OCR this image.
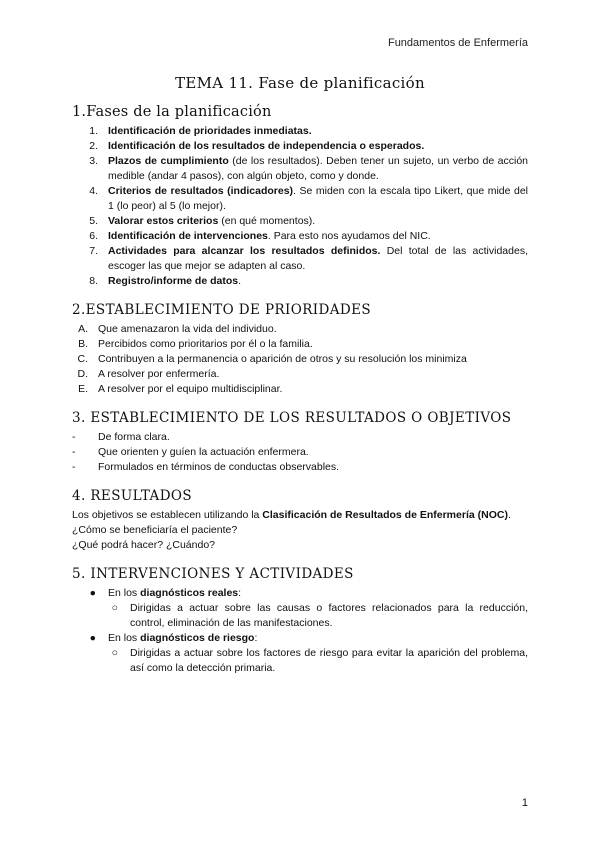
Fundamentos de Enfermería
TEMA 11. Fase de planificación
1.Fases de la planificación
1. Identificación de prioridades inmediatas.
2. Identificación de los resultados de independencia o esperados.
3. Plazos de cumplimiento (de los resultados). Deben tener un sujeto, un verbo de acción medible (andar 4 pasos), con algún objeto, como y donde.
4. Criterios de resultados (indicadores). Se miden con la escala tipo Likert, que mide del 1 (lo peor) al 5 (lo mejor).
5. Valorar estos criterios (en qué momentos).
6. Identificación de intervenciones. Para esto nos ayudamos del NIC.
7. Actividades para alcanzar los resultados definidos. Del total de las actividades, escoger las que mejor se adapten al caso.
8. Registro/informe de datos.
2.ESTABLECIMIENTO DE PRIORIDADES
A. Que amenazaron la vida del individuo.
B. Percibidos como prioritarios por él o la familia.
C. Contribuyen a la permanencia o aparición de otros y su resolución los minimiza
D. A resolver por enfermería.
E. A resolver por el equipo multidisciplinar.
3. ESTABLECIMIENTO DE LOS RESULTADOS O OBJETIVOS
-	De forma clara.
-	Que orienten y guíen la actuación enfermera.
-	Formulados en términos de conductas observables.
4. RESULTADOS

Los objetivos se establecen utilizando la Clasificación de Resultados de Enfermería (NOC).

¿Cómo se beneficiaría el paciente?

¿Qué podrá hacer? ¿Cuándo?

5. INTERVENCIONES Y ACTIVIDADES
● En los diagnósticos reales:
○ Dirigidas a actuar sobre las causas o factores relacionados para la reducción, control, eliminación de las manifestaciones.
● En los diagnósticos de riesgo:
○ Dirigidas a actuar sobre los factores de riesgo para evitar la aparición del problema, así como la detección primaria.
1
